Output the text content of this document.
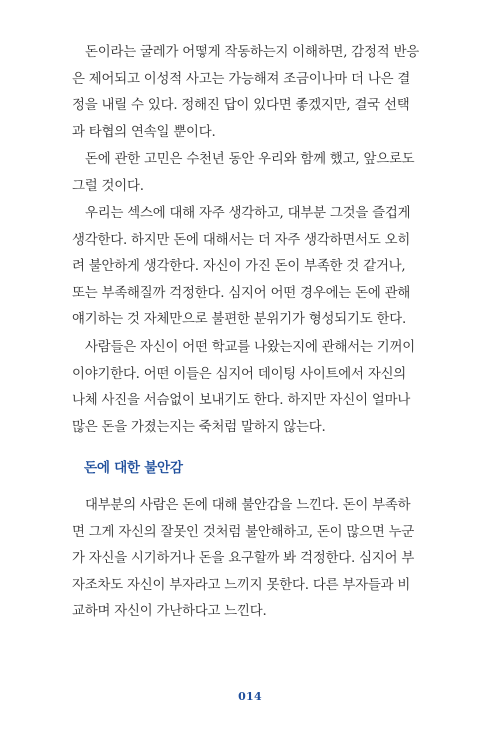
돈이라는 굴레가 어떻게 작동하는지 이해하면, 감정적 반응
은 제어되고 이성적 사고는 가능해져 조금이나마 더 나은 결
정을 내릴 수 있다. 정해진 답이 있다면 좋겠지만, 결국 선택
과 타협의 연속일 뿐이다.
돈에 관한 고민은 수천년 동안 우리와 함께 했고, 앞으로도
그럴 것이다.
우리는 섹스에 대해 자주 생각하고, 대부분 그것을 즐겁게
생각한다. 하지만 돈에 대해서는 더 자주 생각하면서도 오히
려 불안하게 생각한다. 자신이 가진 돈이 부족한 것 같거나,
또는 부족해질까 걱정한다. 심지어 어떤 경우에는 돈에 관해
얘기하는 것 자체만으로 불편한 분위기가 형성되기도 한다.
사람들은 자신이 어떤 학교를 나왔는지에 관해서는 기꺼이
이야기한다. 어떤 이들은 심지어 데이팅 사이트에서 자신의
나체 사진을 서슴없이 보내기도 한다. 하지만 자신이 얼마나
많은 돈을 가졌는지는 죽처럼 말하지 않는다.
돈에 대한 불안감
대부분의 사람은 돈에 대해 불안감을 느낀다. 돈이 부족하
면 그게 자신의 잘못인 것처럼 불안해하고, 돈이 많으면 누군
가 자신을 시기하거나 돈을 요구할까 봐 걱정한다. 심지어 부
자조차도 자신이 부자라고 느끼지 못한다. 다른 부자들과 비
교하며 자신이 가난하다고 느낀다.
014
